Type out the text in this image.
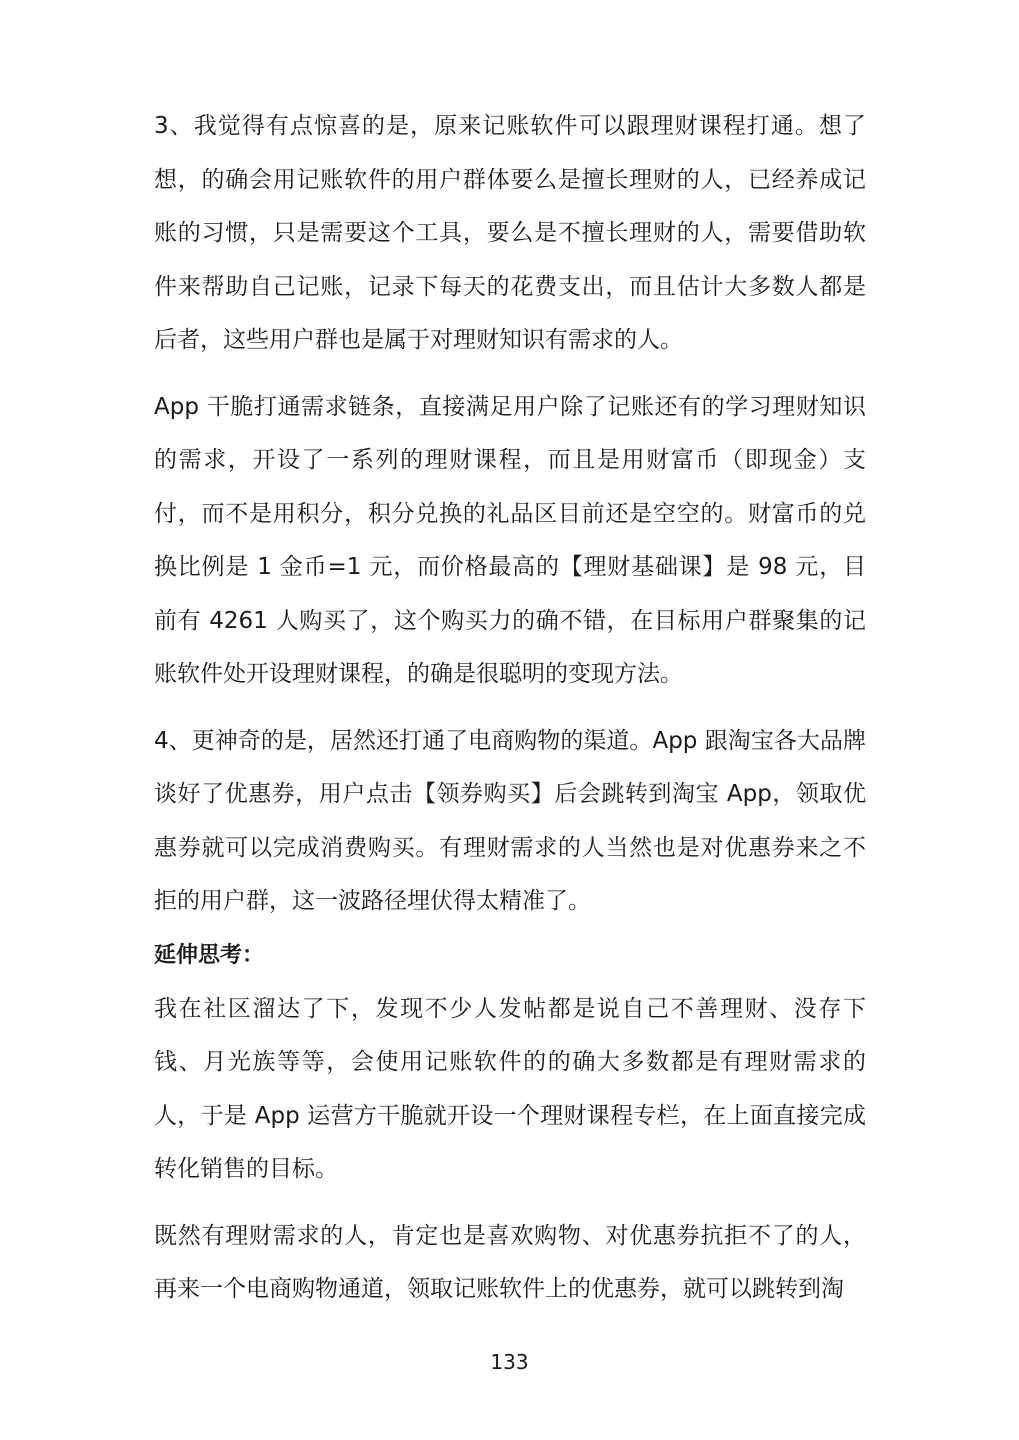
3、我觉得有点惊喜的是，原来记账软件可以跟理财课程打通。想了想，的确会用记账软件的用户群体要么是擅长理财的人，已经养成记账的习惯，只是需要这个工具，要么是不擅长理财的人，需要借助软件来帮助自己记账，记录下每天的花费支出，而且估计大多数人都是后者，这些用户群也是属于对理财知识有需求的人。

App 干脆打通需求链条，直接满足用户除了记账还有的学习理财知识的需求，开设了一系列的理财课程，而且是用财富币（即现金）支付，而不是用积分，积分兑换的礼品区目前还是空空的。财富币的兑换比例是 1 金币=1 元，而价格最高的【理财基础课】是 98 元，目前有 4261 人购买了，这个购买力的确不错，在目标用户群聚集的记账软件处开设理财课程，的确是很聪明的变现方法。

4、更神奇的是，居然还打通了电商购物的渠道。App 跟淘宝各大品牌谈好了优惠券，用户点击【领券购买】后会跳转到淘宝 App，领取优惠券就可以完成消费购买。有理财需求的人当然也是对优惠券来之不拒的用户群，这一波路径埋伏得太精准了。

延伸思考：

我在社区溜达了下，发现不少人发帖都是说自己不善理财、没存下钱、月光族等等，会使用记账软件的的确大多数都是有理财需求的人，于是 App 运营方干脆就开设一个理财课程专栏，在上面直接完成转化销售的目标。

既然有理财需求的人，肯定也是喜欢购物、对优惠券抗拒不了的人，再来一个电商购物通道，领取记账软件上的优惠券，就可以跳转到淘

133
